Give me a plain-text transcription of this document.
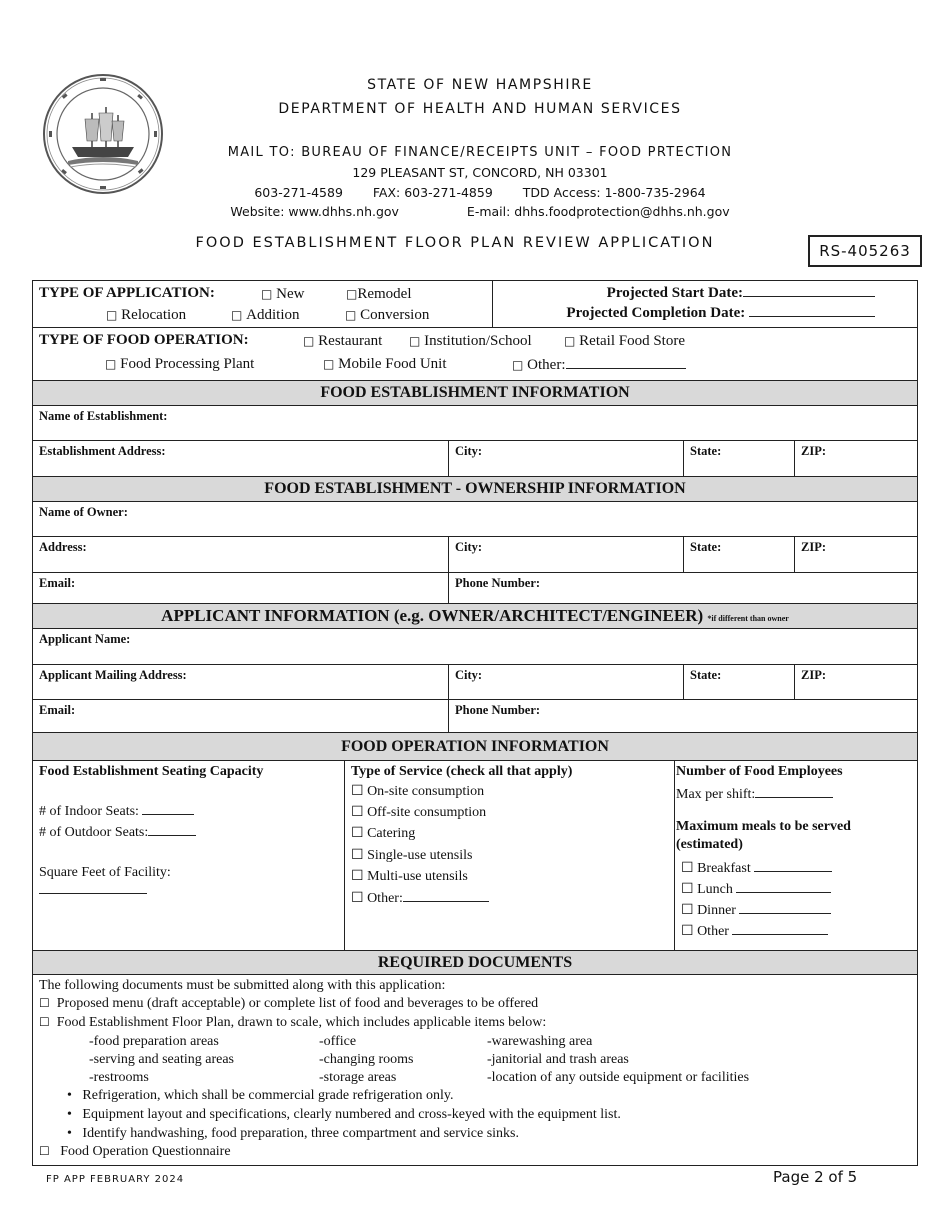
STATE OF NEW HAMPSHIRE
DEPARTMENT OF HEALTH AND HUMAN SERVICES
MAIL TO: BUREAU OF FINANCE/RECEIPTS UNIT – FOOD PRTECTION
129 PLEASANT ST, CONCORD, NH 03301
603-271-4589 FAX: 603-271-4859 TDD Access: 1-800-735-2964
Website: www.dhhs.nh.gov	E-mail: dhhs.foodprotection@dhhs.nh.gov
FOOD ESTABLISHMENT FLOOR PLAN REVIEW APPLICATION	RS-405263
TYPE OF APPLICATION:	□ New	□Remodel
□ Relocation	□ Addition	□ Conversion
Projected Start Date:
Projected Completion Date:
TYPE OF FOOD OPERATION:	□ Restaurant □ Institution/School	□ Retail Food Store
□ Food Processing Plant	□ Mobile Food Unit	□ Other:
FOOD ESTABLISHMENT INFORMATION
Name of Establishment:
Establishment Address:	City:	State:	ZIP:
FOOD ESTABLISHMENT - OWNERSHIP INFORMATION
Name of Owner:
Address:	City:	State:	ZIP:
Email:	Phone Number:
APPLICANT INFORMATION (e.g. OWNER/ARCHITECT/ENGINEER) *if different than owner
Applicant Name:
Applicant Mailing Address:	City:	State:	ZIP:
Email:	Phone Number:
FOOD OPERATION INFORMATION
Food Establishment Seating Capacity
# of Indoor Seats:
# of Outdoor Seats:
Square Feet of Facility:
Type of Service (check all that apply)
☐ On-site consumption
☐ Off-site consumption
☐ Catering
☐ Single-use utensils
☐ Multi-use utensils
☐ Other:
Number of Food Employees
Max per shift:
Maximum meals to be served
(estimated)
☐ Breakfast
☐ Lunch
☐ Dinner
☐ Other
REQUIRED DOCUMENTS
The following documents must be submitted along with this application:
☐ Proposed menu (draft acceptable) or complete list of food and beverages to be offered
☐ Food Establishment Floor Plan, drawn to scale, which includes applicable items below:
-food preparation areas	-office	-warewashing area
-serving and seating areas	-changing rooms	-janitorial and trash areas
-restrooms	-storage areas	-location of any outside equipment or facilities
• Refrigeration, which shall be commercial grade refrigeration only.
• Equipment layout and specifications, clearly numbered and cross-keyed with the equipment list.
• Identify handwashing, food preparation, three compartment and service sinks.
☐ Food Operation Questionnaire
FP APP FEBRUARY 2024	Page 2 of 5
